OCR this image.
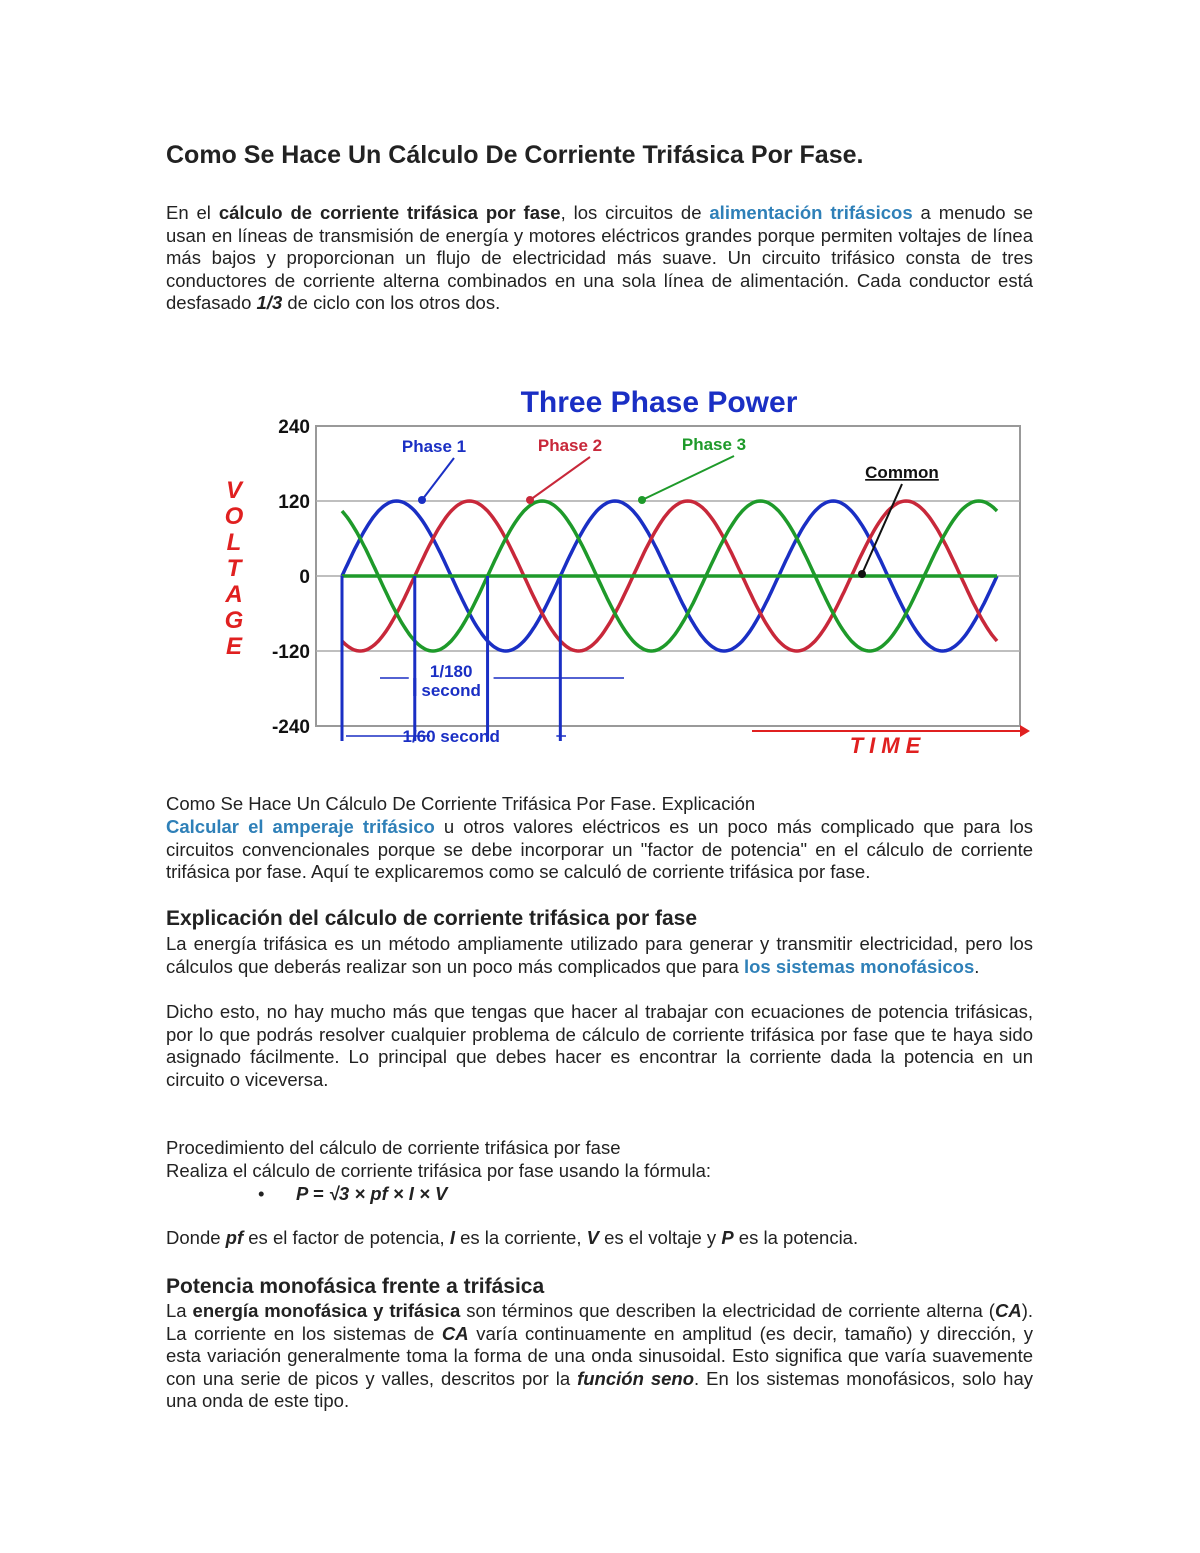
Como Se Hace Un Cálculo De Corriente Trifásica Por Fase.

En el cálculo de corriente trifásica por fase, los circuitos de alimentación trifásicos a menudo se usan en líneas de transmisión de energía y motores eléctricos grandes porque permiten voltajes de línea más bajos y proporcionan un flujo de electricidad más suave. Un circuito trifásico consta de tres conductores de corriente alterna combinados en una sola línea de alimentación. Cada conductor está desfasado 1/3 de ciclo con los otros dos.

Three Phase Power
240
120
0
-120
-240
V
O
L
T
A
G
E
1/180
second
1/60 second	TIME
Phase 1	Phase 2	Phase 3
Common

Como Se Hace Un Cálculo De Corriente Trifásica Por Fase. Explicación

Calcular el amperaje trifásico u otros valores eléctricos es un poco más complicado que para los circuitos convencionales porque se debe incorporar un "factor de potencia" en el cálculo de corriente trifásica por fase. Aquí te explicaremos como se calculó de corriente trifásica por fase.

Explicación del cálculo de corriente trifásica por fase

La energía trifásica es un método ampliamente utilizado para generar y transmitir electricidad, pero los cálculos que deberás realizar son un poco más complicados que para los sistemas monofásicos.

Dicho esto, no hay mucho más que tengas que hacer al trabajar con ecuaciones de potencia trifásicas, por lo que podrás resolver cualquier problema de cálculo de corriente trifásica por fase que te haya sido asignado fácilmente. Lo principal que debes hacer es encontrar la corriente dada la potencia en un circuito o viceversa.

Procedimiento del cálculo de corriente trifásica por fase

Realiza el cálculo de corriente trifásica por fase usando la fórmula:

• P = √3 × pf × I × V

Donde pf es el factor de potencia, I es la corriente, V es el voltaje y P es la potencia.

Potencia monofásica frente a trifásica

La energía monofásica y trifásica son términos que describen la electricidad de corriente alterna (CA). La corriente en los sistemas de CA varía continuamente en amplitud (es decir, tamaño) y dirección, y esta variación generalmente toma la forma de una onda sinusoidal. Esto significa que varía suavemente con una serie de picos y valles, descritos por la función seno. En los sistemas monofásicos, solo hay una onda de este tipo.
